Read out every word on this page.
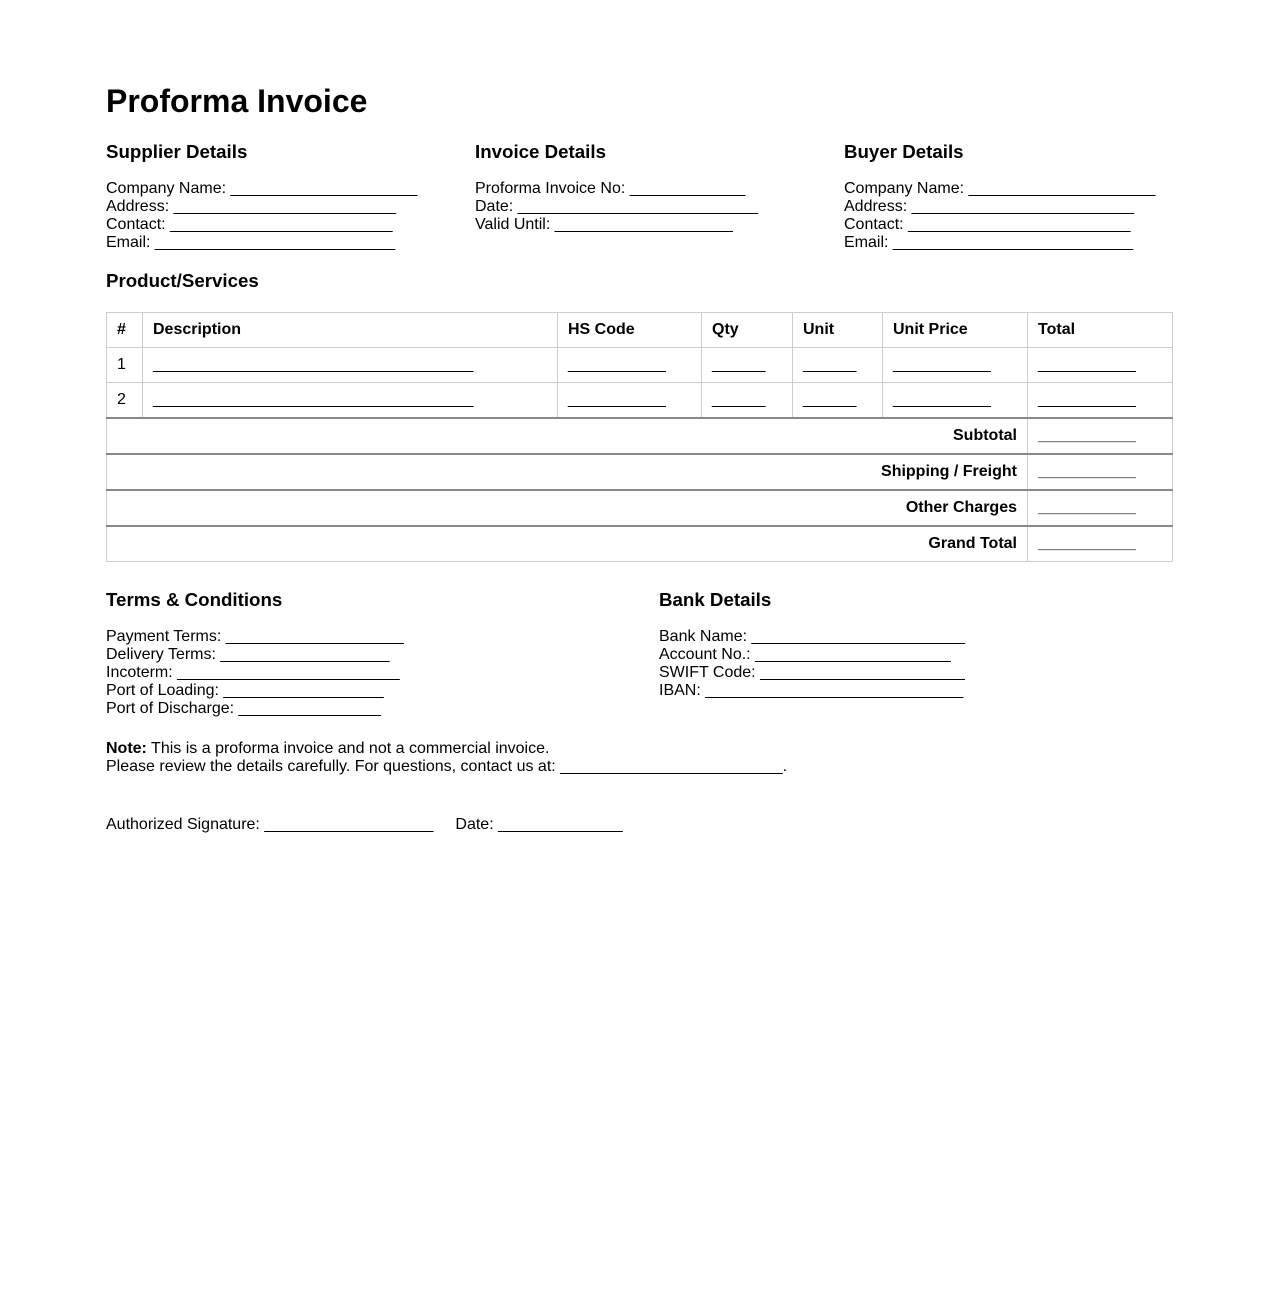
Proforma Invoice
Supplier Details
Company Name: _____________________
Address: _________________________
Contact: _________________________
Email: ___________________________
Invoice Details
Proforma Invoice No: _____________
Date: ___________________________
Valid Until: ____________________
Buyer Details
Company Name: _____________________
Address: _________________________
Contact: _________________________
Email: ___________________________
Product/Services
#	Description	HS Code	Qty	Unit	Unit Price	Total
1	____________________________________	___________	______	______	___________	___________
2	____________________________________	___________	______	______	___________	___________
Subtotal						___________
Shipping / Freight						___________
Other Charges						___________
Grand Total						___________
Terms & Conditions
Payment Terms: ____________________
Delivery Terms: ___________________
Incoterm: _________________________
Port of Loading: __________________
Port of Discharge: ________________
Bank Details
Bank Name: ________________________
Account No.: ______________________
SWIFT Code: _______________________
IBAN: _____________________________
Note: This is a proforma invoice and not a commercial invoice.
Please review the details carefully. For questions, contact us at: _________________________.
Authorized Signature: ___________________ Date: ______________
